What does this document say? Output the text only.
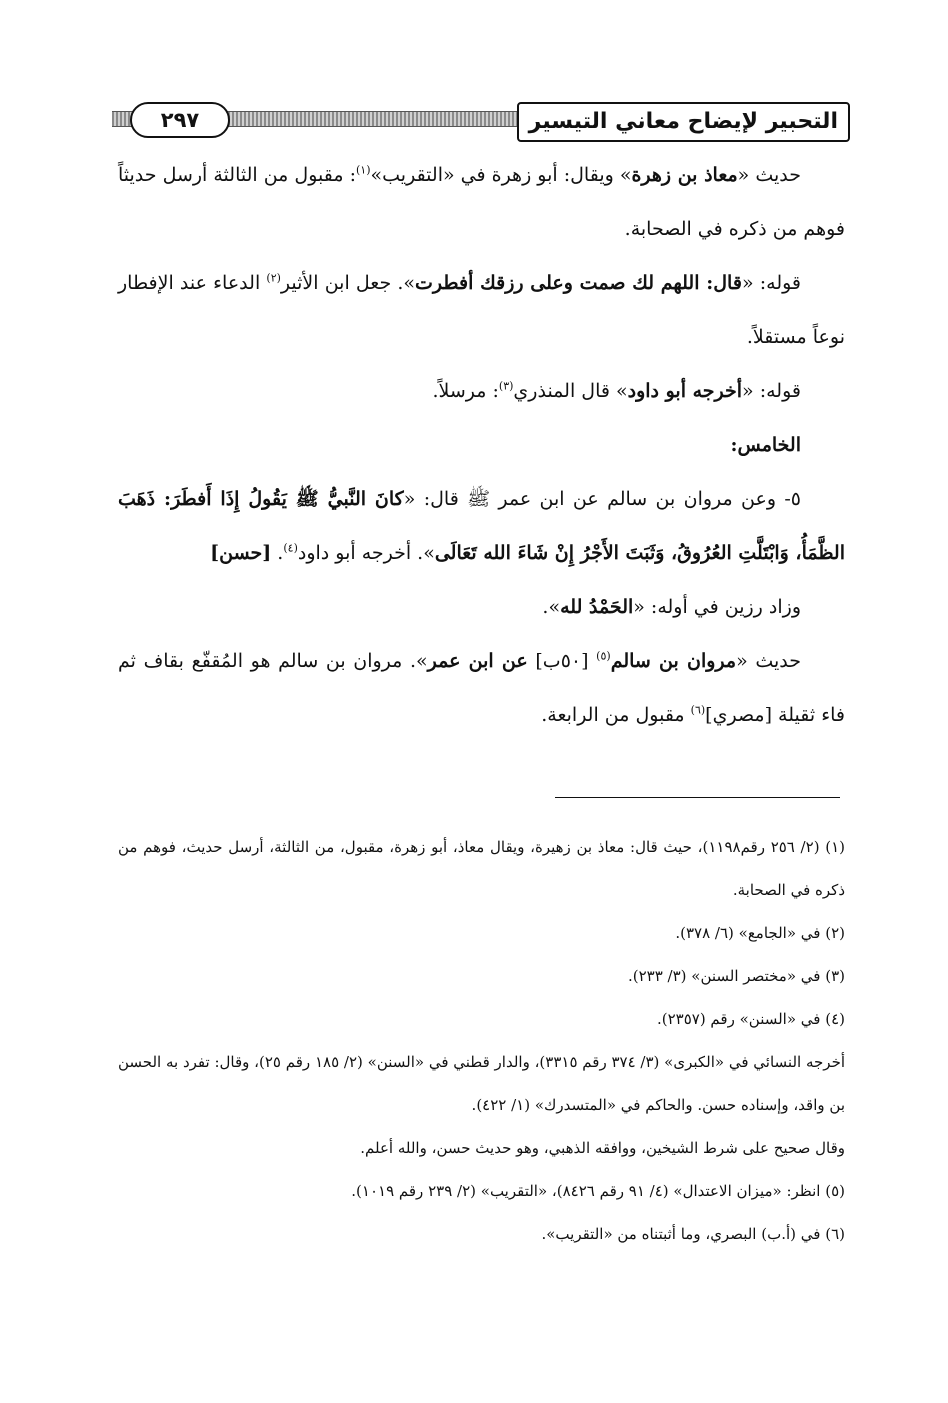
٢٩٧	التحبير لإيضاح معاني التيسير

حديث «معاذ بن زهرة» ويقال: أبو زهرة في «التقريب»$^{(١)}$: مقبول من الثالثة أرسل حديثاً فوهم من ذكره في الصحابة.

قوله: «قال: اللهم لك صمت وعلى رزقك أفطرت». جعل ابن الأثير$^{(٢)}$ الدعاء عند الإفطار نوعاً مستقلاً.

قوله: «أخرجه أبو داود» قال المنذري$^{(٣)}$: مرسلاً.

الخامس:

٥- وعن مروان بن سالم عن ابن عمر ﷺ قال: «كانَ النَّبيُّ ﷺ يَقُولُ إِذَا أَفطَرَ: ذَهَبَ الظَّمَأُ، وَابْتَلَّتِ العُرُوقُ، وَثَبَتَ الأَجْرُ إِنْ شَاءَ الله تَعَالَى». أخرجه أبو داود$^{(٤)}$. [حسن]

وزاد رزين في أوله: «الحَمْدُ لله».

حديث «مروان بن سالم$^{(٥)}$ [٥٠ب] عن ابن عمر». مروان بن سالم هو المُقفّع بقاف ثم فاء ثقيلة [مصري]$^{(٦)}$ مقبول من الرابعة.

(١) (٢/ ٢٥٦ رقم١١٩٨)، حيث قال: معاذ بن زهيرة، ويقال معاذ، أبو زهرة، مقبول، من الثالثة، أرسل حديث، فوهم من ذكره في الصحابة.

(٢) في «الجامع» (٦/ ٣٧٨).

(٣) في «مختصر السنن» (٣/ ٢٣٣).

(٤) في «السنن» رقم (٢٣٥٧).

أخرجه النسائي في «الكبرى» (٣/ ٣٧٤ رقم ٣٣١٥)، والدار قطني في «السنن» (٢/ ١٨٥ رقم ٢٥)، وقال: تفرد به الحسن بن واقد، وإسناده حسن. والحاكم في «المتسدرك» (١/ ٤٢٢).

وقال صحيح على شرط الشيخين، ووافقه الذهبي، وهو حديث حسن، والله أعلم.

(٥) انظر: «ميزان الاعتدال» (٤/ ٩١ رقم ٨٤٢٦)، «التقريب» (٢/ ٢٣٩ رقم ١٠١٩).

(٦) في (أ.ب) البصري، وما أثبتناه من «التقريب».
